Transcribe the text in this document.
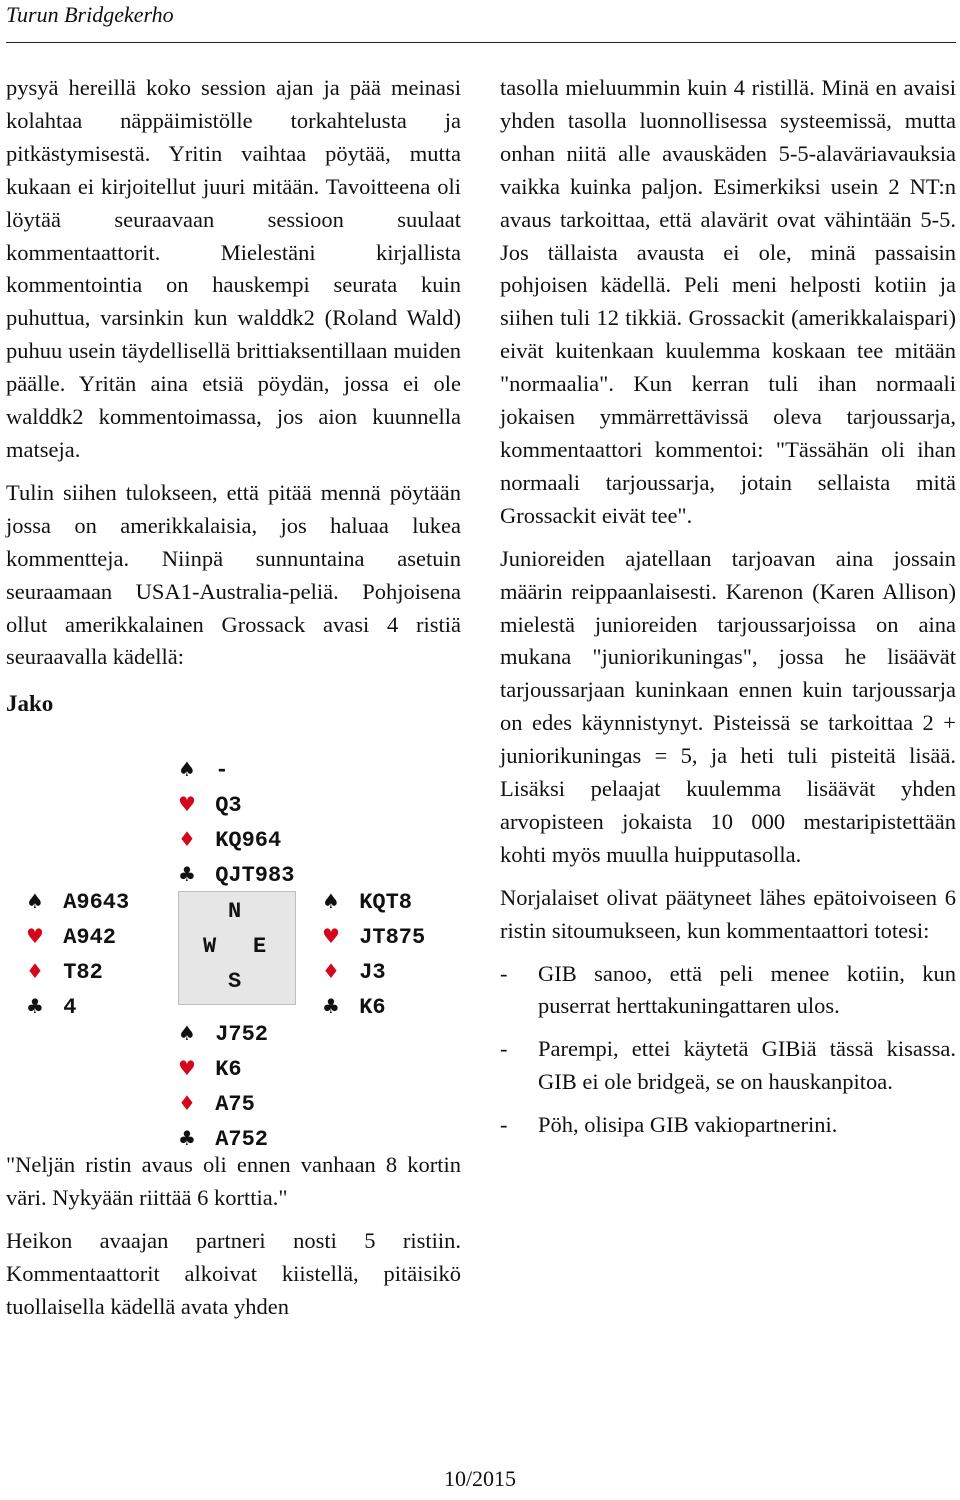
Turun Bridgekerho

pysyä hereillä koko session ajan ja pää meinasi kolahtaa näppäimistölle torkahtelusta ja pitkästymisestä. Yritin vaihtaa pöytää, mutta kukaan ei kirjoitellut juuri mitään. Tavoitteena oli löytää seuraavaan sessioon suulaat kommentaattorit. Mielestäni kirjallista kommentointia on hauskempi seurata kuin puhuttua, varsinkin kun walddk2 (Roland Wald) puhuu usein täydellisellä brittiaksentillaan muiden päälle. Yritän aina etsiä pöydän, jossa ei ole walddk2 kommentoimassa, jos aion kuunnella matseja.

Tulin siihen tulokseen, että pitää mennä pöytään jossa on amerikkalaisia, jos haluaa lukea kommentteja. Niinpä sunnuntaina asetuin seuraamaan USA1-Australia-peliä. Pohjoisena ollut amerikkalainen Grossack avasi 4 ristiä seuraavalla kädellä:

Jako
♠ -
♥ Q3
♦ KQ964
♣ QJT983
♠ A9643
♥ A942
♦ T82
♣ 4
N
W E
S
♠ KQT8
♥ JT875
♦ J3
♣ K6
♠ J752
♥ K6
♦ A75
♣ A752

"Neljän ristin avaus oli ennen vanhaan 8 kortin väri. Nykyään riittää 6 korttia."

Heikon avaajan partneri nosti 5 ristiin. Kommentaattorit alkoivat kiistellä, pitäisikö tuollaisella kädellä avata yhden

tasolla mieluummin kuin 4 ristillä. Minä en avaisi yhden tasolla luonnollisessa systeemissä, mutta onhan niitä alle avauskäden 5-5-alaväriavauksia vaikka kuinka paljon. Esimerkiksi usein 2 NT:n avaus tarkoittaa, että alavärit ovat vähintään 5-5. Jos tällaista avausta ei ole, minä passaisin pohjoisen kädellä. Peli meni helposti kotiin ja siihen tuli 12 tikkiä. Grossackit (amerikkalaispari) eivät kuitenkaan kuulemma koskaan tee mitään "normaalia". Kun kerran tuli ihan normaali jokaisen ymmärrettävissä oleva tarjoussarja, kommentaattori kommentoi: "Tässähän oli ihan normaali tarjoussarja, jotain sellaista mitä Grossackit eivät tee".

Junioreiden ajatellaan tarjoavan aina jossain määrin reippaanlaisesti. Karenon (Karen Allison) mielestä junioreiden tarjoussarjoissa on aina mukana "juniorikuningas", jossa he lisäävät tarjoussarjaan kuninkaan ennen kuin tarjoussarja on edes käynnistynyt. Pisteissä se tarkoittaa 2 + juniorikuningas = 5, ja heti tuli pisteitä lisää. Lisäksi pelaajat kuulemma lisäävät yhden arvopisteen jokaista 10 000 mestaripistettään kohti myös muulla huipputasolla.

Norjalaiset olivat päätyneet lähes epätoivoiseen 6 ristin sitoumukseen, kun kommentaattori totesi:

- GIB sanoo, että peli menee kotiin, kun puserrat herttakuningattaren ulos.
- Parempi, ettei käytetä GIBiä tässä kisassa. GIB ei ole bridgeä, se on hauskanpitoa.
- Pöh, olisipa GIB vakiopartnerini.
10/2015
